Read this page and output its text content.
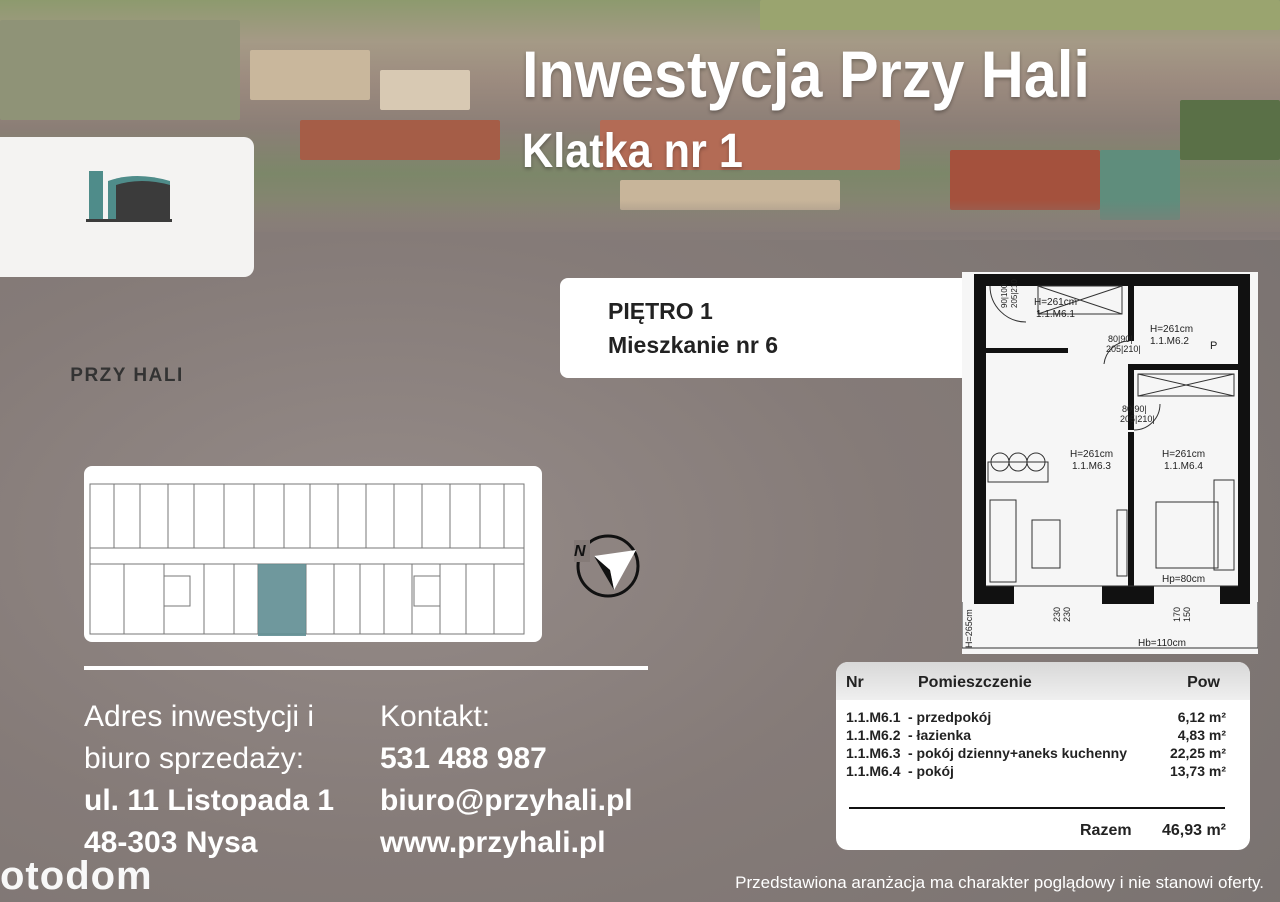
PRZY HALI
Inwestycja Przy Hali
Klatka nr 1
PIĘTRO 1
Mieszkanie nr 6
H=261cm
1.1.M6.1
H=261cm
1.1.M6.2
H=261cm
1.1.M6.3
H=261cm
1.1.M6.4
80|90|
205|210|
80|90|
205|210|
P
Hp=80cm
Hb=110cm
H=265cm	230 230	170 150
90|100 205|210
N
Adres inwestycji i
biuro sprzedaży:
ul. 11 Listopada 1
48-303 Nysa
Kontakt:
531 488 987
biuro@przyhali.pl
www.przyhali.pl
Nr	Pomieszczenie	Pow
1.1.M6.1 - przedpokój	6,12 m²
1.1.M6.2 - łazienka	4,83 m²
1.1.M6.3 - pokój dzienny+aneks kuchenny	22,25 m²
1.1.M6.4 - pokój	13,73 m²
Razem 46,93 m²
otodom	Przedstawiona aranżacja ma charakter poglądowy i nie stanowi oferty.
